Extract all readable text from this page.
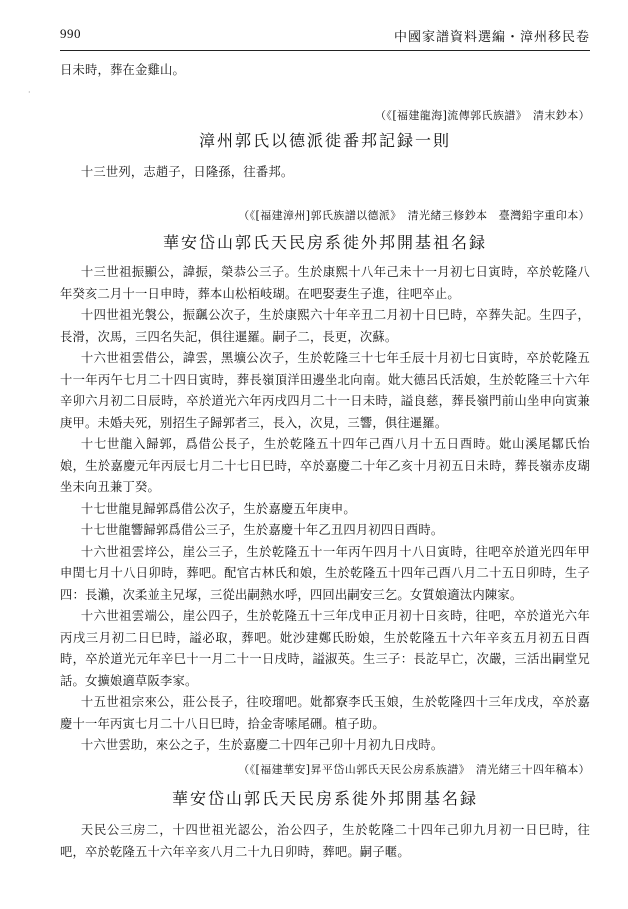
990	中國家譜資料選編・漳州移民卷
·

日未時，葬在金雞山。

（《[福建龍海]流傳郭氏族譜》　清末鈔本）

漳州郭氏以德派徙番邦記録一則

十三世列，志趙子，日隆孫，往番邦。

（《[福建漳州]郭氏族譜以德派》　清光緒三修鈔本　臺灣鉛字重印本）

華安岱山郭氏天民房系徙外邦開基祖名録

十三世祖振顯公，諱振，榮恭公三子。生於康熙十八年己未十一月初七日寅時，卒於乾隆八年癸亥二月十一日申時，葬本山松栢岐瑚。在吧娶妻生子進，往吧卒止。

十四世祖光褩公，振颻公次子，生於康熙六十年辛丑二月初十日巳時，卒葬失記。生四子，長滑，次馬，三四名失記，俱往暹羅。嗣子二，長更，次蘇。

十六世祖雲借公，諱雲，黑壙公次子，生於乾隆三十七年壬辰十月初七日寅時，卒於乾隆五十一年丙午七月二十四日寅時，葬長嶺頂洋田邊坐北向南。妣大德呂氏活娘，生於乾隆三十六年辛卯六月初二日辰時，卒於道光六年丙戌四月二十一日未時，謚良慈，葬長嶺門前山坐申向寅兼庚甲。未婚夫死，别招生子歸郭者三，長入，次見，三響，俱往暹羅。

十七世龍入歸郭，爲借公長子，生於乾隆五十四年己酉八月十五日酉時。妣山溪尾鄒氏怡娘，生於嘉慶元年丙辰七月二十七日巳時，卒於嘉慶二十年乙亥十月初五日未時，葬長嶺赤皮瑚坐未向丑兼丁癸。

十七世龍見歸郭爲借公次子，生於嘉慶五年庚申。

十七世龍響歸郭爲借公三子，生於嘉慶十年乙丑四月初四日酉時。

十六世祖雲垶公，崖公三子，生於乾隆五十一年丙午四月十八日寅時，往吧卒於道光四年甲申閏七月十八日卯時，葬吧。配官古林氏和娘，生於乾隆五十四年己酉八月二十五日卯時，生子四：長瀨，次柔並主兄塚，三從出嗣熱水呼，四回出嗣安三乞。女質娘適汰内陳家。

十六世祖雲端公，崖公四子，生於乾隆五十三年戊申正月初十日亥時，往吧，卒於道光六年丙戌三月初二日巳時，謚必取，葬吧。妣沙建鄭氏盼娘，生於乾隆五十六年辛亥五月初五日酉時，卒於道光元年辛巳十一月二十一日戌時，謚淑英。生三子：長訖早亡，次嚴，三活出嗣堂兄話。女擴娘適草阪李家。

十五世祖宗來公，莊公長子，往咬瑠吧。妣都寮李氏玉娘，生於乾隆四十三年戊戌，卒於嘉慶十一年丙寅七月二十八日巳時，拾金寄嗦尾硎。植子助。

十六世雲助，來公之子，生於嘉慶二十四年己卯十月初九日戌時。

（《[福建華安]昇平岱山郭氏天民公房系族譜》　清光緒三十四年稿本）

華安岱山郭氏天民房系徙外邦開基名録

天民公三房二，十四世祖光認公，治公四子，生於乾隆二十四年己卯九月初一日巳時，往吧，卒於乾隆五十六年辛亥八月二十九日卯時，葬吧。嗣子暱。
